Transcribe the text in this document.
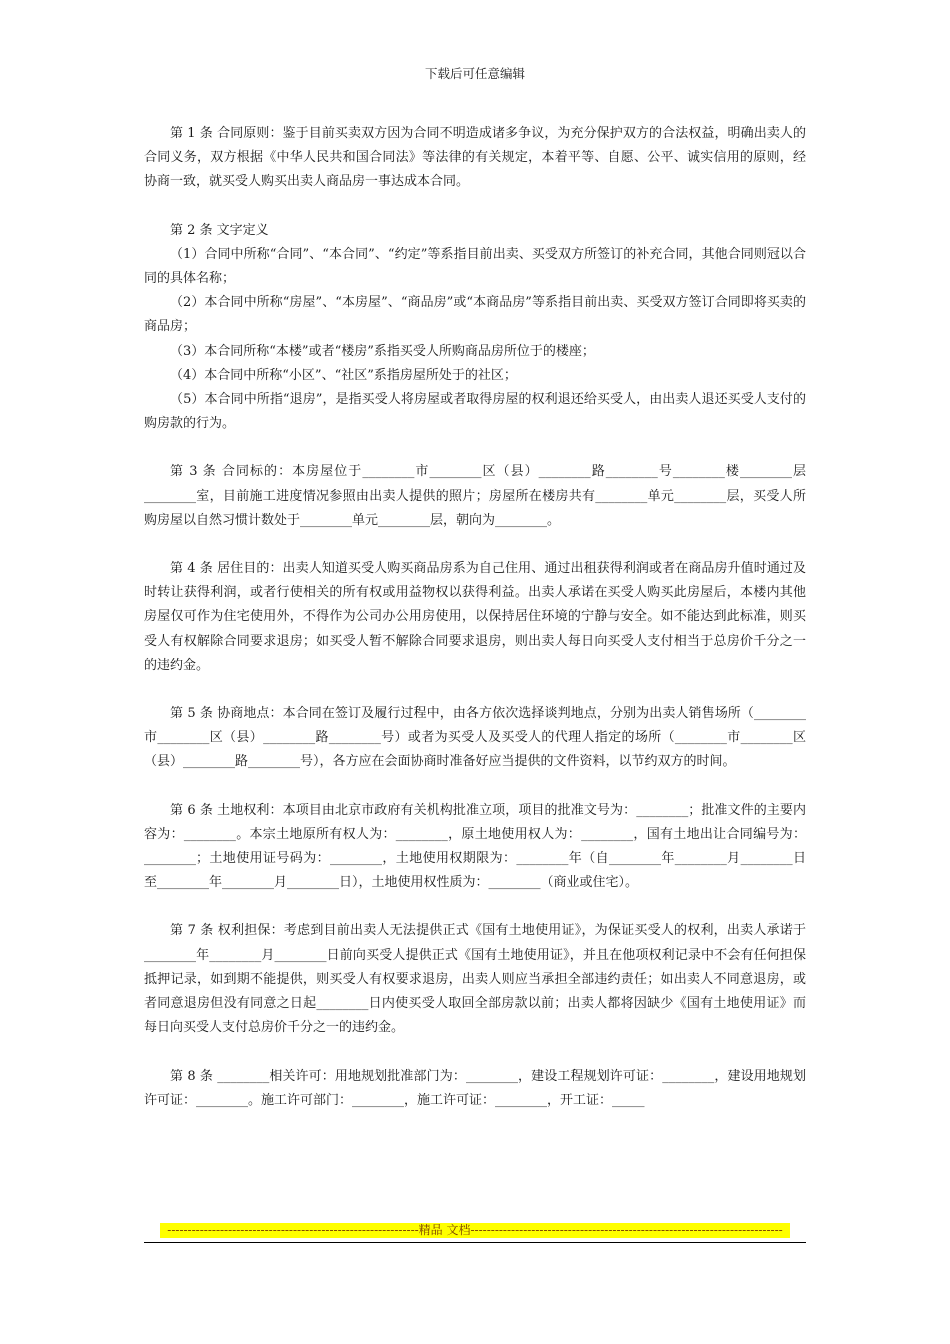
下载后可任意编辑

第 1 条 合同原则：鉴于目前买卖双方因为合同不明造成诸多争议，为充分保护双方的合法权益，明确出卖人的合同义务，双方根据《中华人民共和国合同法》等法律的有关规定，本着平等、自愿、公平、诚实信用的原则，经协商一致，就买受人购买出卖人商品房一事达成本合同。

第 2 条 文字定义

（1）合同中所称“合同”、“本合同”、“约定”等系指目前出卖、买受双方所签订的补充合同，其他合同则冠以合同的具体名称；

（2）本合同中所称“房屋”、“本房屋”、“商品房”或“本商品房”等系指目前出卖、买受双方签订合同即将买卖的商品房；

（3）本合同所称“本楼”或者“楼房”系指买受人所购商品房所位于的楼座；

（4）本合同中所称“小区”、“社区”系指房屋所处于的社区；

（5）本合同中所指“退房”，是指买受人将房屋或者取得房屋的权利退还给买受人，由出卖人退还买受人支付的购房款的行为。

第 3 条 合同标的：本房屋位于________市________区（县）________路________号________楼________层________室，目前施工进度情况参照由出卖人提供的照片；房屋所在楼房共有________单元________层，买受人所购房屋以自然习惯计数处于________单元________层，朝向为________。

第 4 条 居住目的：出卖人知道买受人购买商品房系为自己住用、通过出租获得利润或者在商品房升值时通过及时转让获得利润，或者行使相关的所有权或用益物权以获得利益。出卖人承诺在买受人购买此房屋后，本楼内其他房屋仅可作为住宅使用外，不得作为公司办公用房使用，以保持居住环境的宁静与安全。如不能达到此标准，则买受人有权解除合同要求退房；如买受人暂不解除合同要求退房，则出卖人每日向买受人支付相当于总房价千分之一的违约金。

第 5 条 协商地点：本合同在签订及履行过程中，由各方依次选择谈判地点，分别为出卖人销售场所（________市________区（县）________路________号）或者为买受人及买受人的代理人指定的场所（________市________区（县）________路________号），各方应在会面协商时准备好应当提供的文件资料，以节约双方的时间。

第 6 条 土地权利：本项目由北京市政府有关机构批准立项，项目的批准文号为：________；批准文件的主要内容为：________。本宗土地原所有权人为：________，原土地使用权人为：________，国有土地出让合同编号为：________；土地使用证号码为：________，土地使用权期限为：________年（自________年________月________日至________年________月________日），土地使用权性质为：________（商业或住宅）。

第 7 条 权利担保：考虑到目前出卖人无法提供正式《国有土地使用证》，为保证买受人的权利，出卖人承诺于________年________月________日前向买受人提供正式《国有土地使用证》，并且在他项权利记录中不会有任何担保抵押记录，如到期不能提供，则买受人有权要求退房，出卖人则应当承担全部违约责任；如出卖人不同意退房，或者同意退房但没有同意之日起________日内使买受人取回全部房款以前；出卖人都将因缺少《国有土地使用证》而每日向买受人支付总房价千分之一的违约金。

第 8 条 ________相关许可：用地规划批准部门为：________，建设工程规划许可证：________，建设用地规划许可证：________。施工许可部门：________，施工许可证：________，开工证：_____

--------------------------------------------------------------精品 文档-----------------------------------------------------------------------------
